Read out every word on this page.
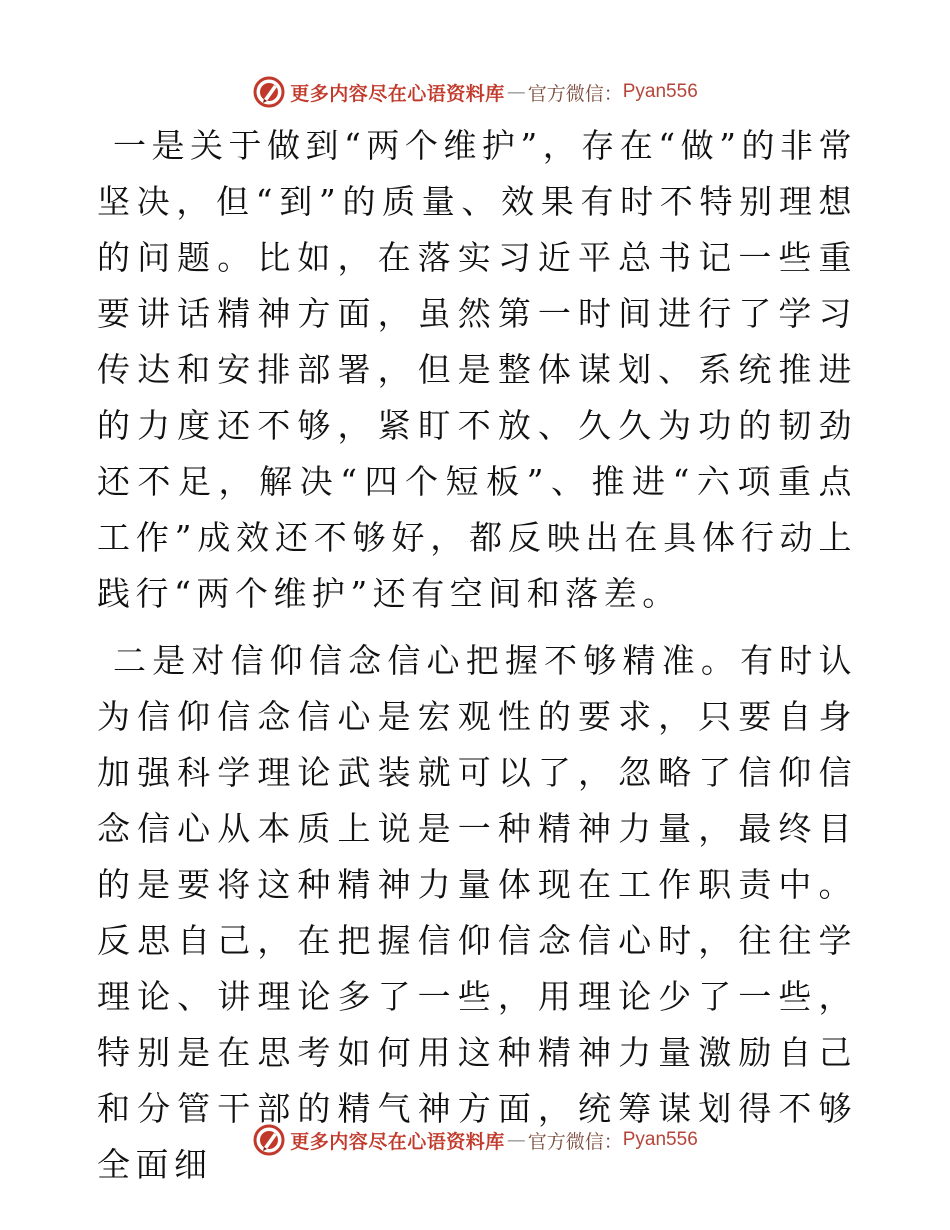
更多内容尽在心语资料库 — 官方微信： Pyan556

一是关于做到“两个维护”，存在“做”的非常坚决，但“到”的质量、效果有时不特别理想的问题。比如，在落实习近平总书记一些重要讲话精神方面，虽然第一时间进行了学习传达和安排部署，但是整体谋划、系统推进的力度还不够，紧盯不放、久久为功的韧劲还不足，解决“四个短板”、推进“六项重点工作”成效还不够好，都反映出在具体行动上践行“两个维护”还有空间和落差。

二是对信仰信念信心把握不够精准。有时认为信仰信念信心是宏观性的要求，只要自身加强科学理论武装就可以了，忽略了信仰信念信心从本质上说是一种精神力量，最终目的是要将这种精神力量体现在工作职责中。反思自己，在把握信仰信念信心时，往往学理论、讲理论多了一些，用理论少了一些，特别是在思考如何用这种精神力量激励自己和分管干部的精气神方面，统筹谋划得不够全面细

更多内容尽在心语资料库 — 官方微信： Pyan556
